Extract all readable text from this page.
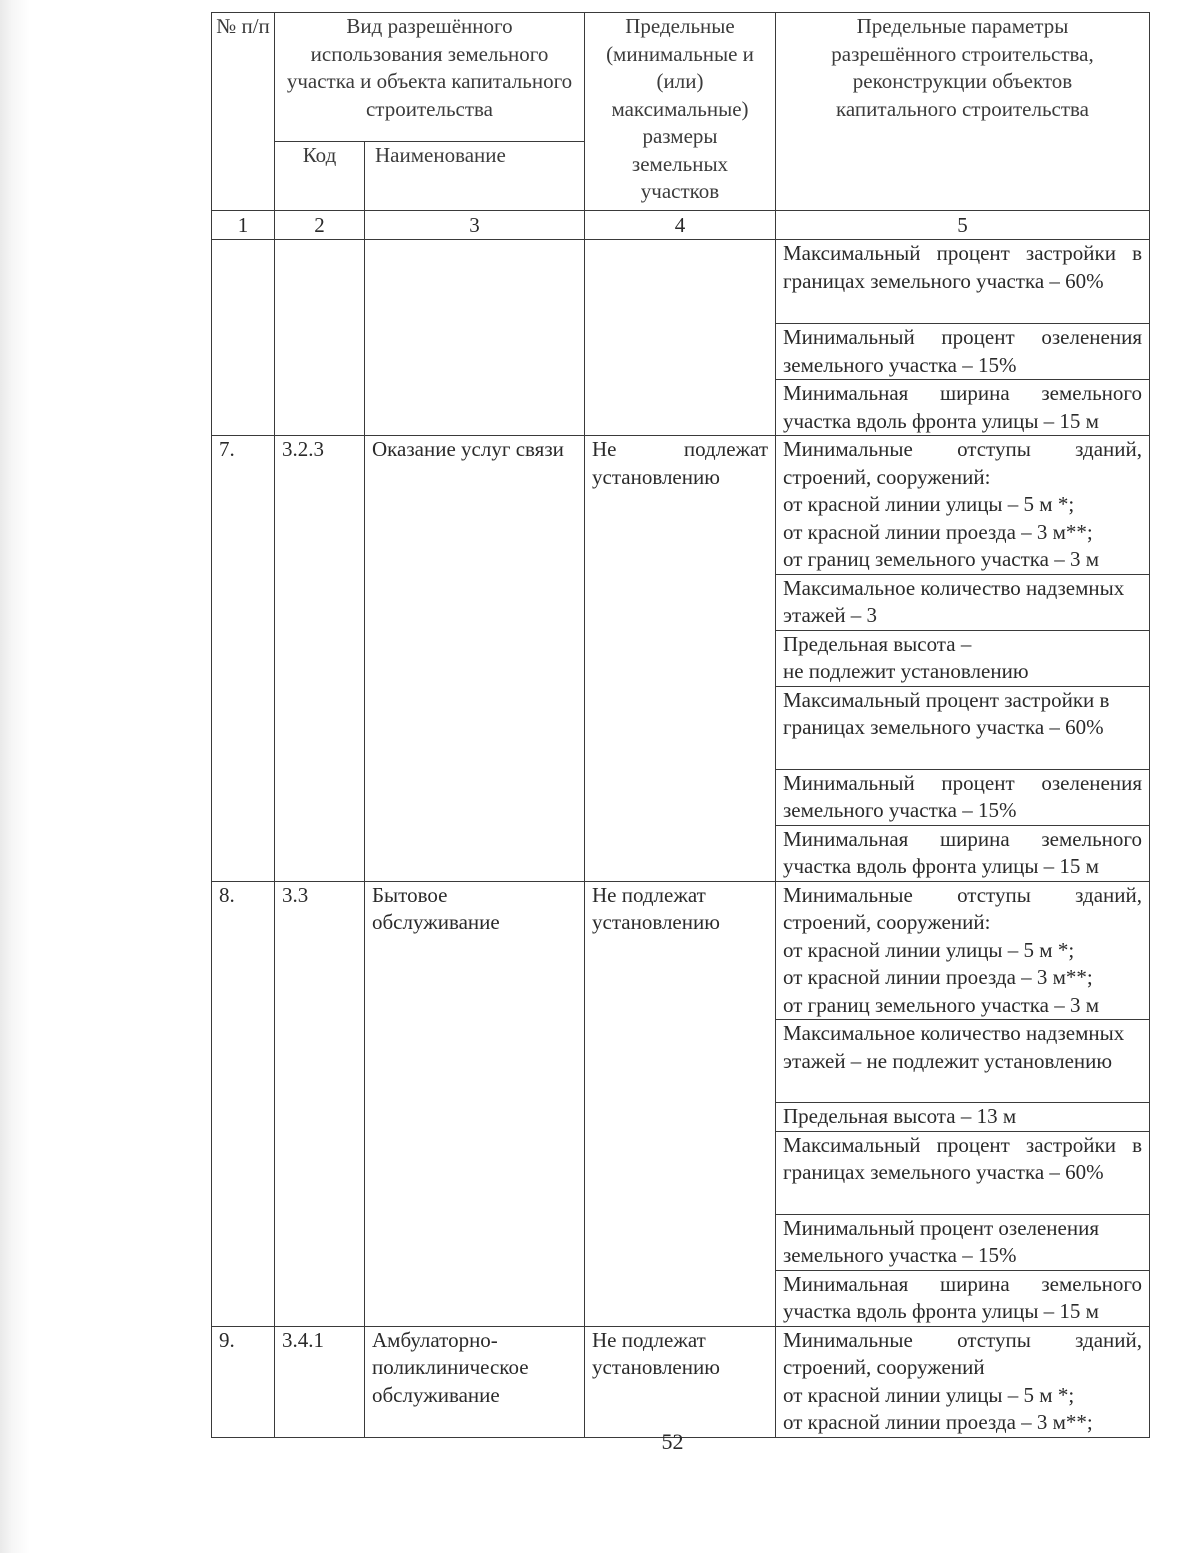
№ п/п	Вид разрешённого использования земельного участка и объекта капитального строительства		Предельные (минимальные и (или) максимальные) размеры земельных участков	Предельные параметры разрешённого строительства, реконструкции объектов капитального строительства
	Код	Наименование		
1	2	3	4	5
				Максимальный процент застройки в границах земельного участка – 60%
				Минимальный процент озеленения земельного участка – 15%
				Минимальная ширина земельного участка вдоль фронта улицы – 15 м
7.	3.2.3	Оказание услуг связи	Не подлежат установлению	Минимальные отступы зданий, строений, сооружений:
от красной линии улицы – 5 м *;
от красной линии проезда – 3 м**;
от границ земельного участка – 3 м
				Максимальное количество надземных этажей – 3
				Предельная высота –
не подлежит установлению
				Максимальный процент застройки в границах земельного участка – 60%
				Минимальный процент озеленения земельного участка – 15%
				Минимальная ширина земельного участка вдоль фронта улицы – 15 м
8.	3.3	Бытовое обслуживание	Не подлежат установлению	Минимальные отступы зданий, строений, сооружений:
от красной линии улицы – 5 м *;
от красной линии проезда – 3 м**;
от границ земельного участка – 3 м
				Максимальное количество надземных этажей – не подлежит установлению
				Предельная высота – 13 м
				Максимальный процент застройки в границах земельного участка – 60%
				Минимальный процент озеленения земельного участка – 15%
				Минимальная ширина земельного участка вдоль фронта улицы – 15 м
9.	3.4.1	Амбулаторно-поликлиническое обслуживание	Не подлежат установлению	Минимальные отступы зданий, строений, сооружений
от красной линии улицы – 5 м *;
от красной линии проезда – 3 м**;
52
